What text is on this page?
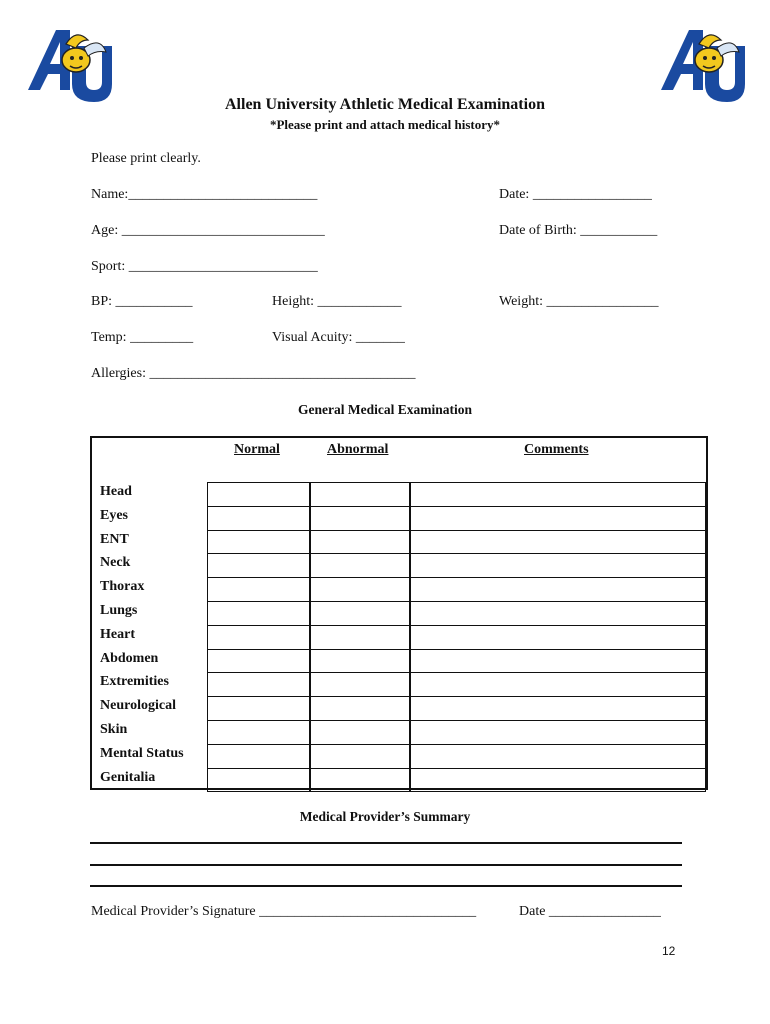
Allen University Athletic Medical Examination
*Please print and attach medical history*
Please print clearly.
Name:___________________________	Date: _________________
Age: _____________________________	Date of Birth: ___________
Sport: ___________________________
BP: ___________	Height: ____________	Weight: ________________
Temp: _________	Visual Acuity: _______
Allergies: ______________________________________
General Medical Examination
Normal	Abnormal	Comments
Head
Eyes
ENT
Neck
Thorax
Lungs
Heart
Abdomen
Extremities
Neurological
Skin
Mental Status
Genitalia
Medical Provider’s Summary
Medical Provider’s Signature _______________________________	Date ________________
12
